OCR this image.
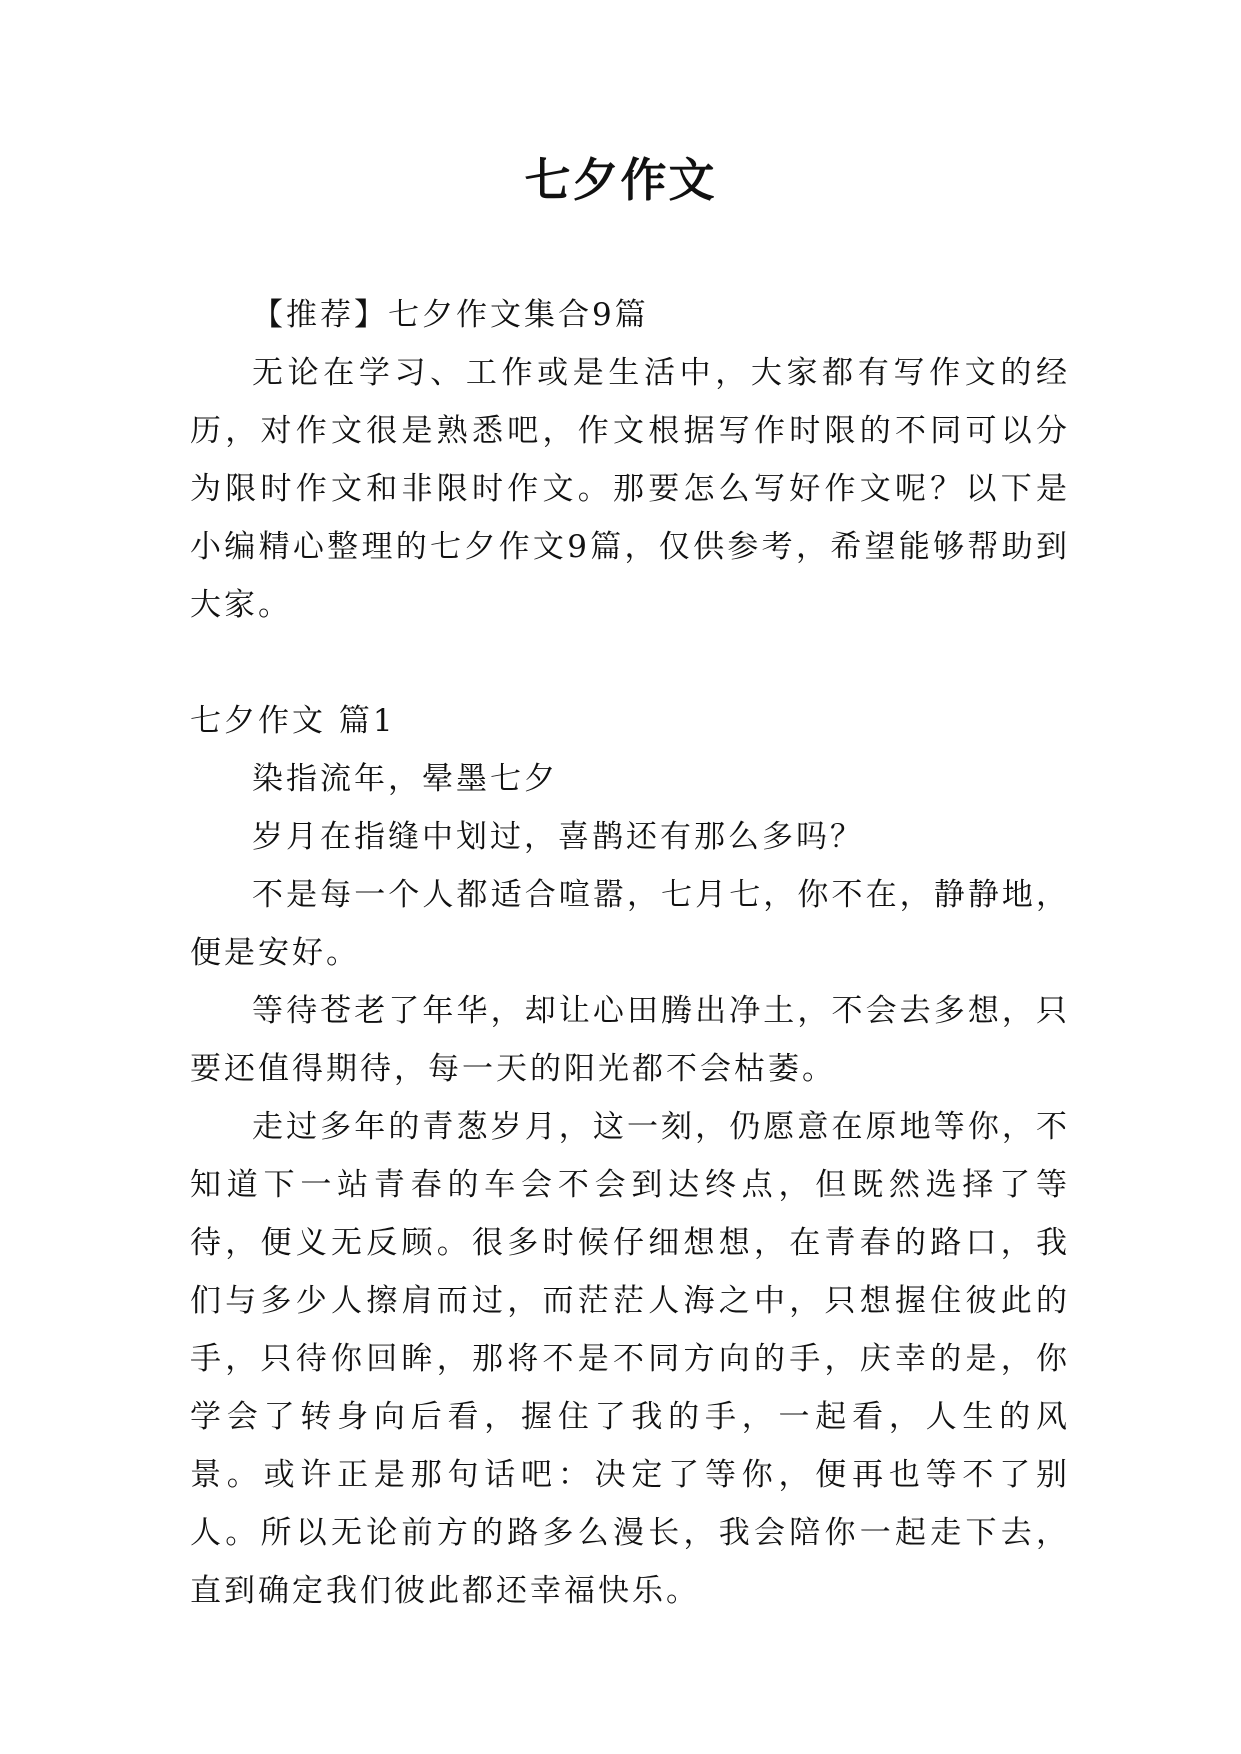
七夕作文

【推荐】七夕作文集合9篇

无论在学习、工作或是生活中，大家都有写作文的经历，对作文很是熟悉吧，作文根据写作时限的不同可以分为限时作文和非限时作文。那要怎么写好作文呢？以下是小编精心整理的七夕作文9篇，仅供参考，希望能够帮助到大家。

七夕作文 篇1

染指流年，晕墨七夕

岁月在指缝中划过，喜鹊还有那么多吗？

不是每一个人都适合喧嚣，七月七，你不在，静静地，便是安好。

等待苍老了年华，却让心田腾出净土，不会去多想，只要还值得期待，每一天的阳光都不会枯萎。

走过多年的青葱岁月，这一刻，仍愿意在原地等你，不知道下一站青春的车会不会到达终点，但既然选择了等待，便义无反顾。很多时候仔细想想，在青春的路口，我们与多少人擦肩而过，而茫茫人海之中，只想握住彼此的手，只待你回眸，那将不是不同方向的手，庆幸的是，你学会了转身向后看，握住了我的手，一起看，人生的风景。或许正是那句话吧：决定了等你，便再也等不了别人。所以无论前方的路多么漫长，我会陪你一起走下去，直到确定我们彼此都还幸福快乐。
